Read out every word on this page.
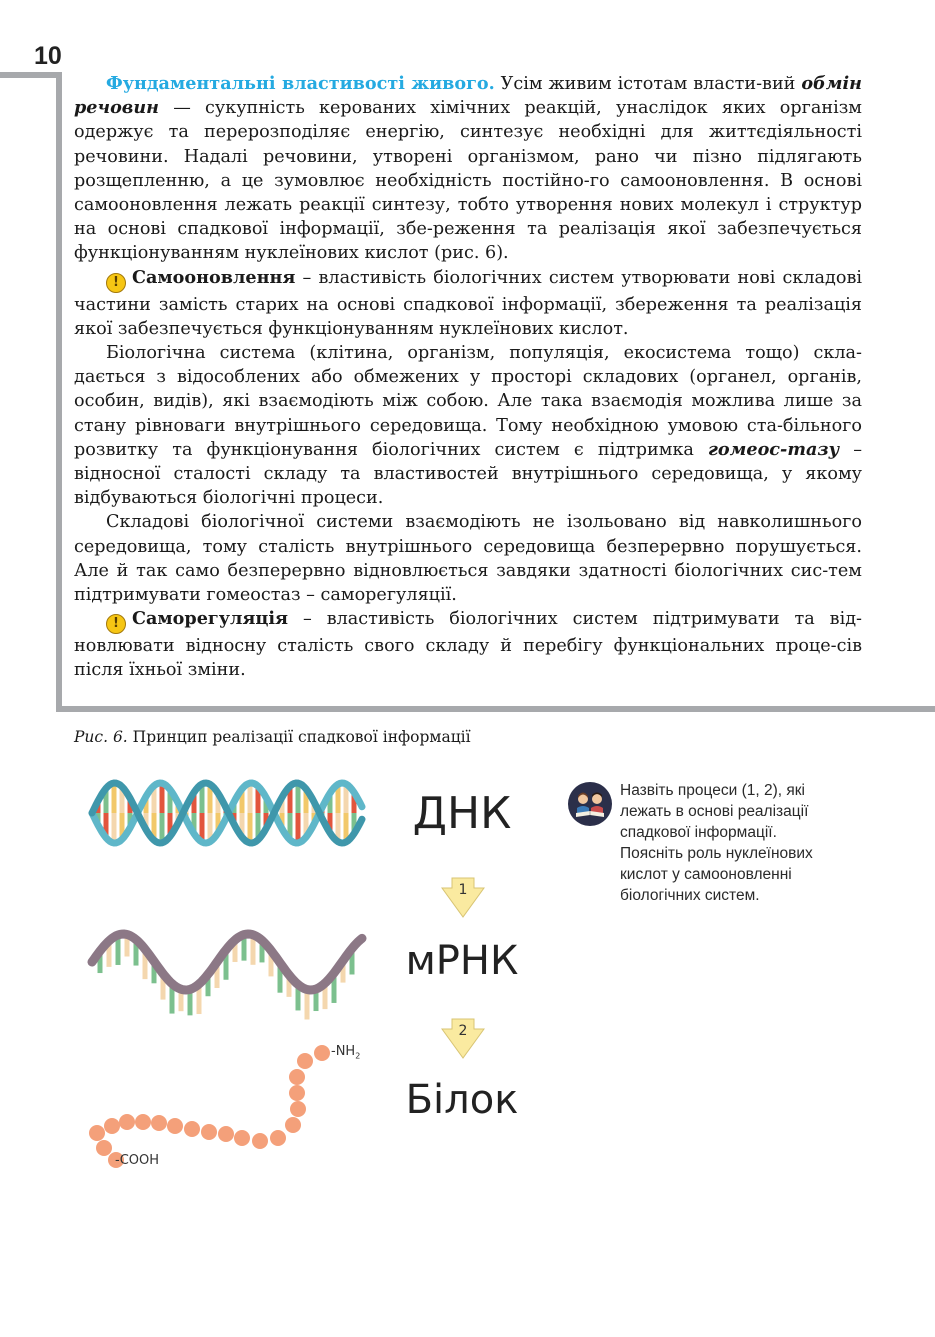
10

Фундаментальні властивості живого. Усім живим істотам власти-вий обмін речовин — сукупність керованих хімічних реакцій, унаслідок яких організм одержує та перерозподіляє енергію, синтезує необхідні для життєдіяльності речовини. Надалі речовини, утворені організмом, рано чи пізно підлягають розщепленню, а це зумовлює необхідність постійно-го самооновлення. В основі самооновлення лежать реакції синтезу, тобто утворення нових молекул і структур на основі спадкової інформації, збе-реження та реалізація якої забезпечується функціонуванням нуклеїнових кислот (рис. 6).

! Самооновлення – властивість біологічних систем утворювати нові складові частини замість старих на основі спадкової інформації, збереження та реалізація якої забезпечується функціонуванням нуклеїнових кислот.

Біологічна система (клітина, організм, популяція, екосистема тощо) скла-дається з відособлених або обмежених у просторі складових (органел, органів, особин, видів), які взаємодіють між собою. Але така взаємодія можлива лише за стану рівноваги внутрішнього середовища. Тому необхідною умовою ста-більного розвитку та функціонування біологічних систем є підтримка гомеос-тазу – відносної сталості складу та властивостей внутрішнього середовища, у якому відбуваються біологічні процеси.

Складові біологічної системи взаємодіють не ізольовано від навколишнього середовища, тому сталість внутрішнього середовища безперервно порушується. Але й так само безперервно відновлюється завдяки здатності біологічних сис-тем підтримувати гомеостаз – саморегуляції.

! Саморегуляція – властивість біологічних систем підтримувати та від-новлювати відносну сталість свого складу й перебігу функціональних проце-сів після їхньої зміни.

Рис. 6. Принцип реалізації спадкової інформації
ДНК
мРНК
Білок
1
2
$-NH_2$
-COOH
Назвіть процеси (1, 2), які
лежать в основі реалізації
спадкової інформації.
Поясніть роль нуклеїнових
кислот у самооновленні
біологічних систем.
